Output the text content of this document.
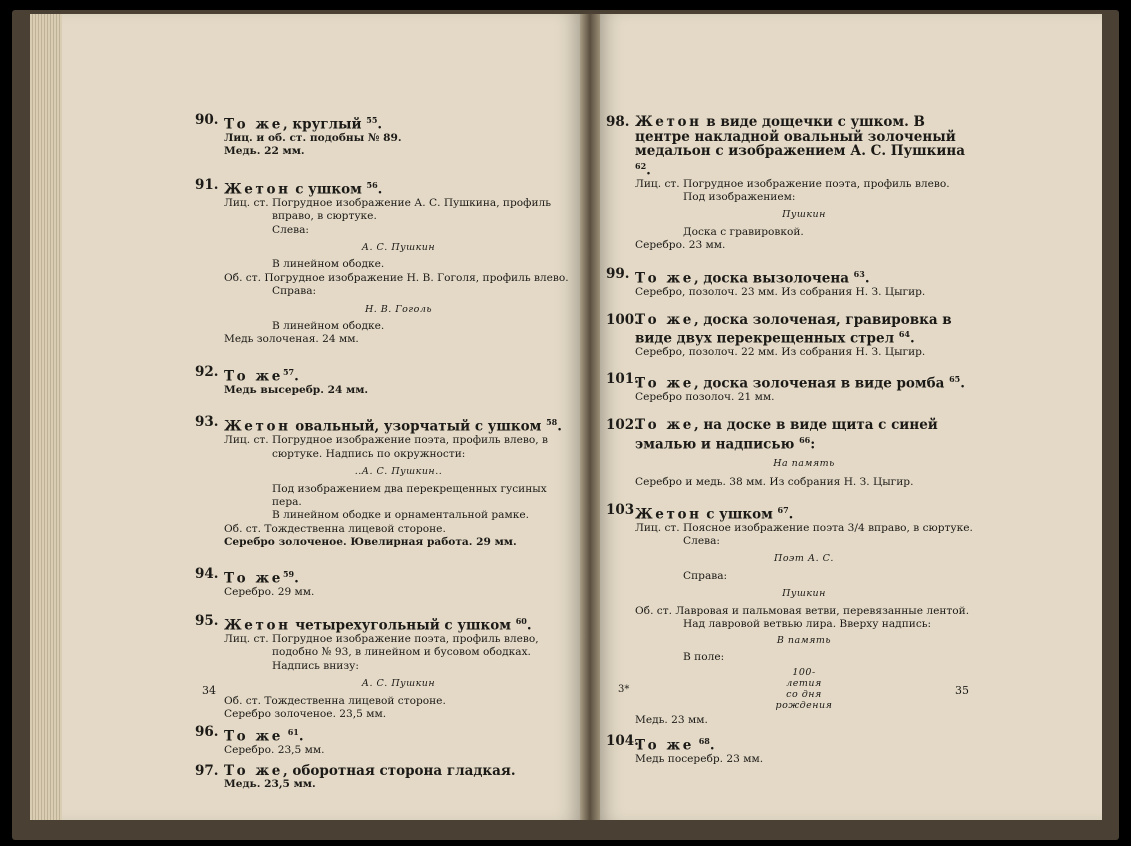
90. То же, круглый $^{55}$.

Лиц. и об. ст. подобны № 89.

Медь. 22 мм.

91. Жетон с ушком $^{56}$.

Лиц. ст. Погрудное изображение А. С. Пушкина, профиль вправо, в сюртуке.

Слева:

А. С. Пушкин

В линейном ободке.

Об. ст. Погрудное изображение Н. В. Гоголя, профиль влево.

Справа:

Н. В. Гоголь

В линейном ободке.

Медь золоченая. 24 мм.

92. То $же^{57}$.

Медь высеребр. 24 мм.

93. Жетон овальный, узорчатый с ушком $^{58}$.

Лиц. ст. Погрудное изображение поэта, профиль влево, в сюртуке. Надпись по окружности:

..А. С. Пушкин..

Под изображением два перекрещенных гусиных пера.

В линейном ободке и орнаментальной рамке.

Об. ст. Тождественна лицевой стороне.

Серебро золоченое. Ювелирная работа. 29 мм.

94. То $же^{59}$.

Серебро. 29 мм.

95. Жетон четырехугольный с ушком $^{60}$.

Лиц. ст. Погрудное изображение поэта, профиль влево, подобно № 93, в линейном и бусовом ободках.

Надпись внизу:

А. С. Пушкин

Об. ст. Тождественна лицевой стороне.

Серебро золоченое. 23,5 мм.

96. То же $^{61}$.

Серебро. 23,5 мм.

97. То же, оборотная сторона гладкая.

Медь. 23,5 мм.

34
98. Жетон в виде дощечки с ушком. В центре накладной овальный золоченый медальон с изображением А. С. Пушкина $^{62}$.

Лиц. ст. Погрудное изображение поэта, профиль влево.

Под изображением:

Пушкин

Доска с гравировкой.

Серебро. 23 мм.

99. То же, доска вызолочена $^{63}$.

Серебро, позолоч. 23 мм. Из собрания Н. З. Цыгир.

100.

То же, доска золоченая, гравировка в виде двух перекрещенных стрел $^{64}$.

Серебро, позолоч. 22 мм. Из собрания Н. З. Цыгир.

101.

То же, доска золоченая в виде ромба $^{65}$.

Серебро позолоч. 21 мм.

102.

То же, на доске в виде щита с синей эмалью и надписью $^{66}$:

На память

Серебро и медь. 38 мм. Из собрания Н. З. Цыгир.

103 Жетон с ушком $^{67}$.

Лиц. ст. Поясное изображение поэта 3/4 вправо, в сюртуке.

Слева:

Поэт А. С.

Справа:

Пушкин

Об. ст. Лавровая и пальмовая ветви, перевязанные лентой. Над лавровой ветвью лира. Вверху надпись:

В память

В поле:

100-

летия

со дня

рождения

Медь. 23 мм.

104.

То же $^{68}$.

Медь посеребр. 23 мм.

3*	35
